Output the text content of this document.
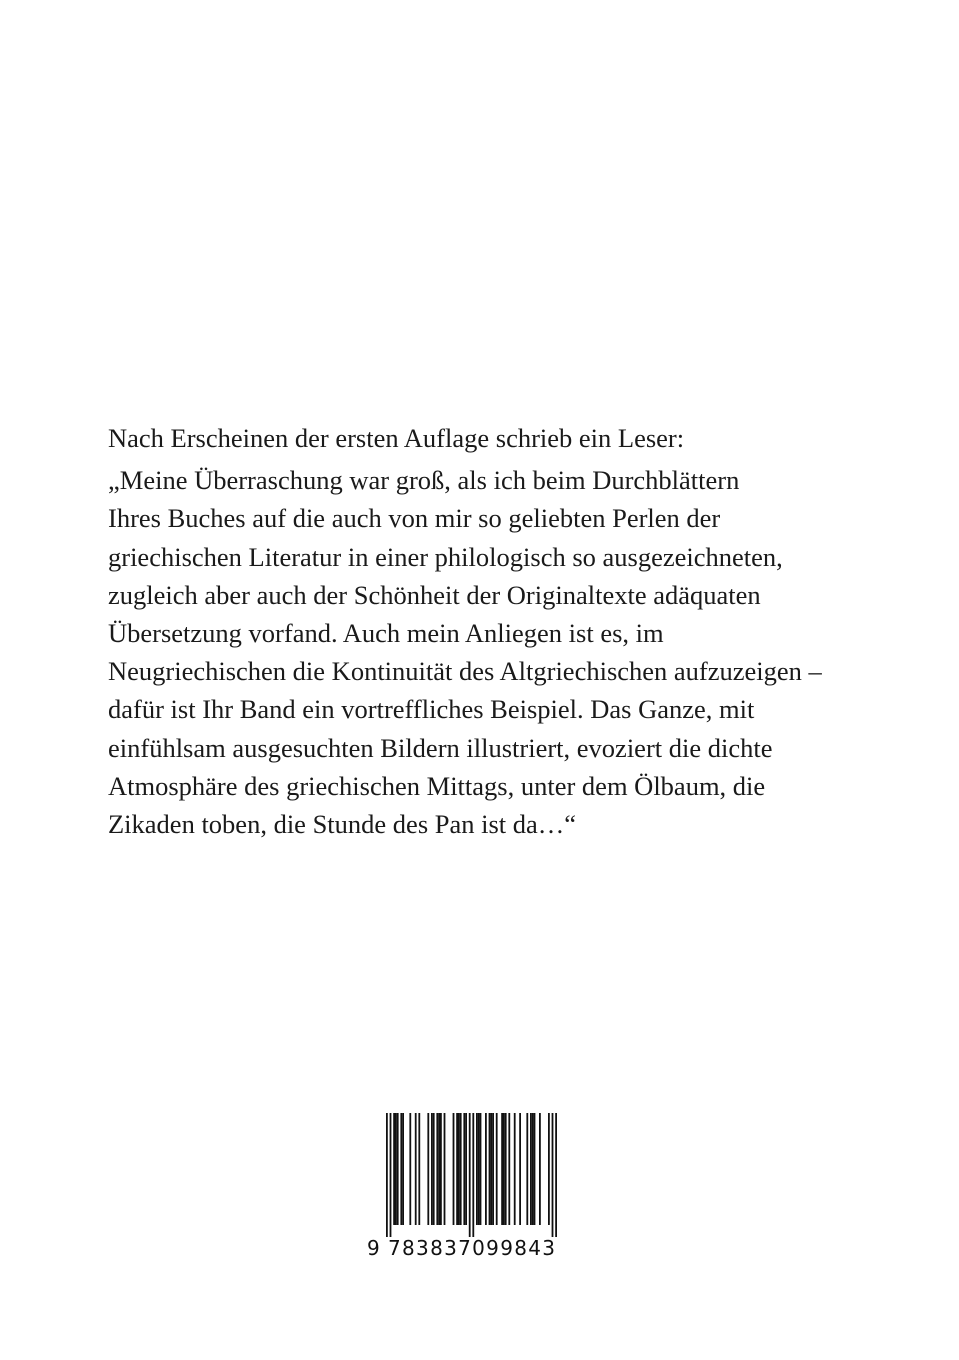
Nach Erscheinen der ersten Auflage schrieb ein Leser:
„Meine Überraschung war groß, als ich beim Durchblättern
Ihres Buches auf die auch von mir so geliebten Perlen der
griechischen Literatur in einer philologisch so ausgezeichneten,
zugleich aber auch der Schönheit der Originaltexte adäquaten
Übersetzung vorfand. Auch mein Anliegen ist es, im
Neugriechischen die Kontinuität des Altgriechischen aufzuzeigen –
dafür ist Ihr Band ein vortreffliches Beispiel. Das Ganze, mit
einfühlsam ausgesuchten Bildern illustriert, evoziert die dichte
Atmosphäre des griechischen Mittags, unter dem Ölbaum, die
Zikaden toben, die Stunde des Pan ist da…“
9 783837099843
